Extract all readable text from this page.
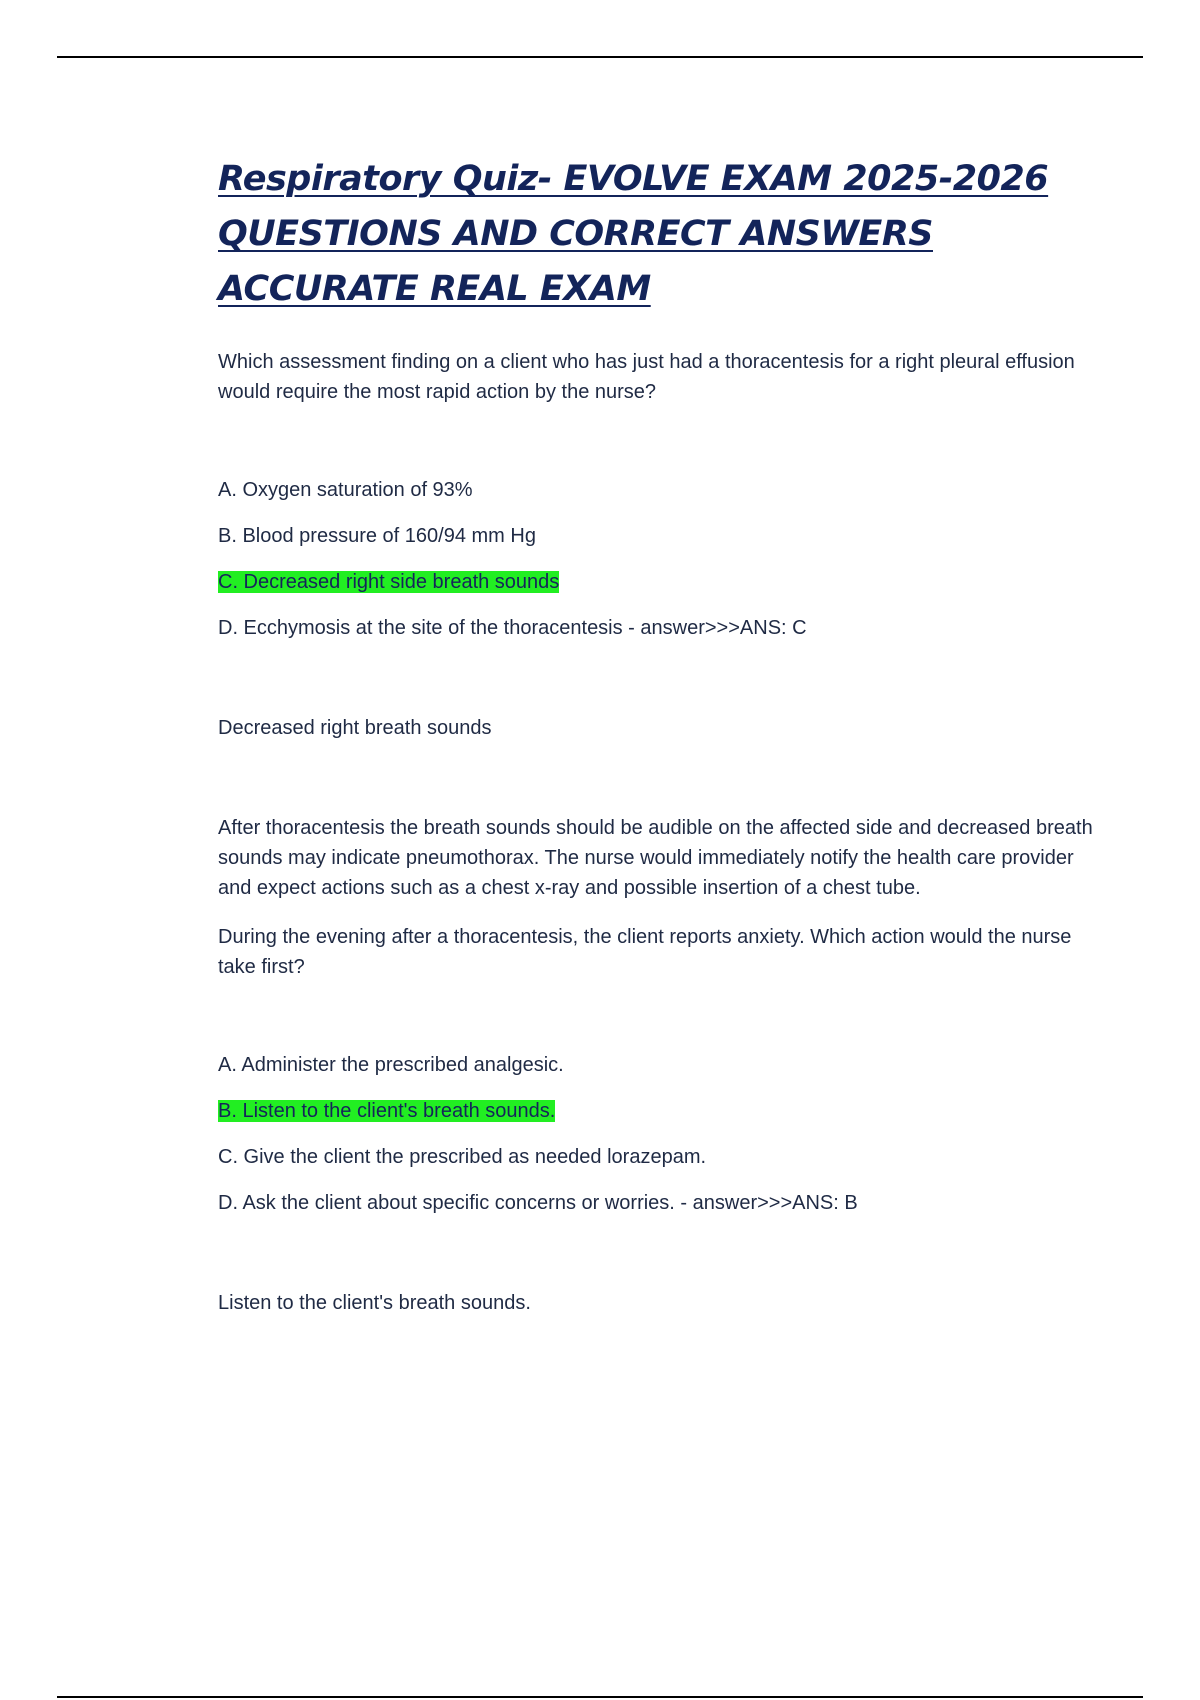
Respiratory Quiz- EVOLVE EXAM 2025-2026
QUESTIONS AND CORRECT ANSWERS
ACCURATE REAL EXAM

Which assessment finding on a client who has just had a thoracentesis for a right pleural effusion would require the most rapid action by the nurse?

A. Oxygen saturation of 93%

B. Blood pressure of 160/94 mm Hg

C. Decreased right side breath sounds

D. Ecchymosis at the site of the thoracentesis - answer>>>ANS: C

Decreased right breath sounds

After thoracentesis the breath sounds should be audible on the affected side and decreased breath sounds may indicate pneumothorax. The nurse would immediately notify the health care provider and expect actions such as a chest x-ray and possible insertion of a chest tube.

During the evening after a thoracentesis, the client reports anxiety. Which action would the nurse take first?

A. Administer the prescribed analgesic.

B. Listen to the client's breath sounds.

C. Give the client the prescribed as needed lorazepam.

D. Ask the client about specific concerns or worries. - answer>>>ANS: B

Listen to the client's breath sounds.
